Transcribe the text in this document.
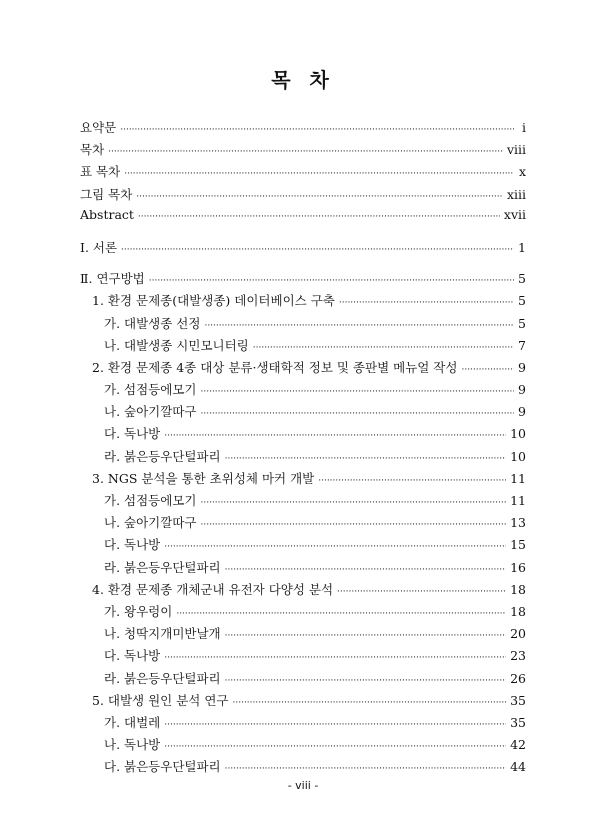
목 차
요약문 ·····	i
목차 ·····	viii
표 목차 ·····	x
그림 목차 ·····	xiii
Abstract ·····	xvii
Ⅰ. 서론 ·····	1
Ⅱ. 연구방법 ·····	5
1. 환경 문제종(대발생종) 데이터베이스 구축 ·····	5
가. 대발생종 선정 ·····	5
나. 대발생종 시민모니터링 ·····	7
2. 환경 문제종 4종 대상 분류·생태학적 정보 및 종판별 메뉴얼 작성 ·····	9
가. 섬점등에모기 ·····	9
나. 숲아기깔따구 ·····	9
다. 독나방 ·····	10
라. 붉은등우단털파리 ·····	10
3. NGS 분석을 통한 초위성체 마커 개발 ·····	11
가. 섬점등에모기 ·····	11
나. 숲아기깔따구 ·····	13
다. 독나방 ·····	15
라. 붉은등우단털파리 ·····	16
4. 환경 문제종 개체군내 유전자 다양성 분석 ·····	18
가. 왕우렁이 ·····	18
나. 청딱지개미반날개 ·····	20
다. 독나방 ·····	23
라. 붉은등우단털파리 ·····	26
5. 대발생 원인 분석 연구 ·····	35
가. 대벌레 ·····	35
나. 독나방 ·····	42
다. 붉은등우단털파리 ·····	44
- viii -
